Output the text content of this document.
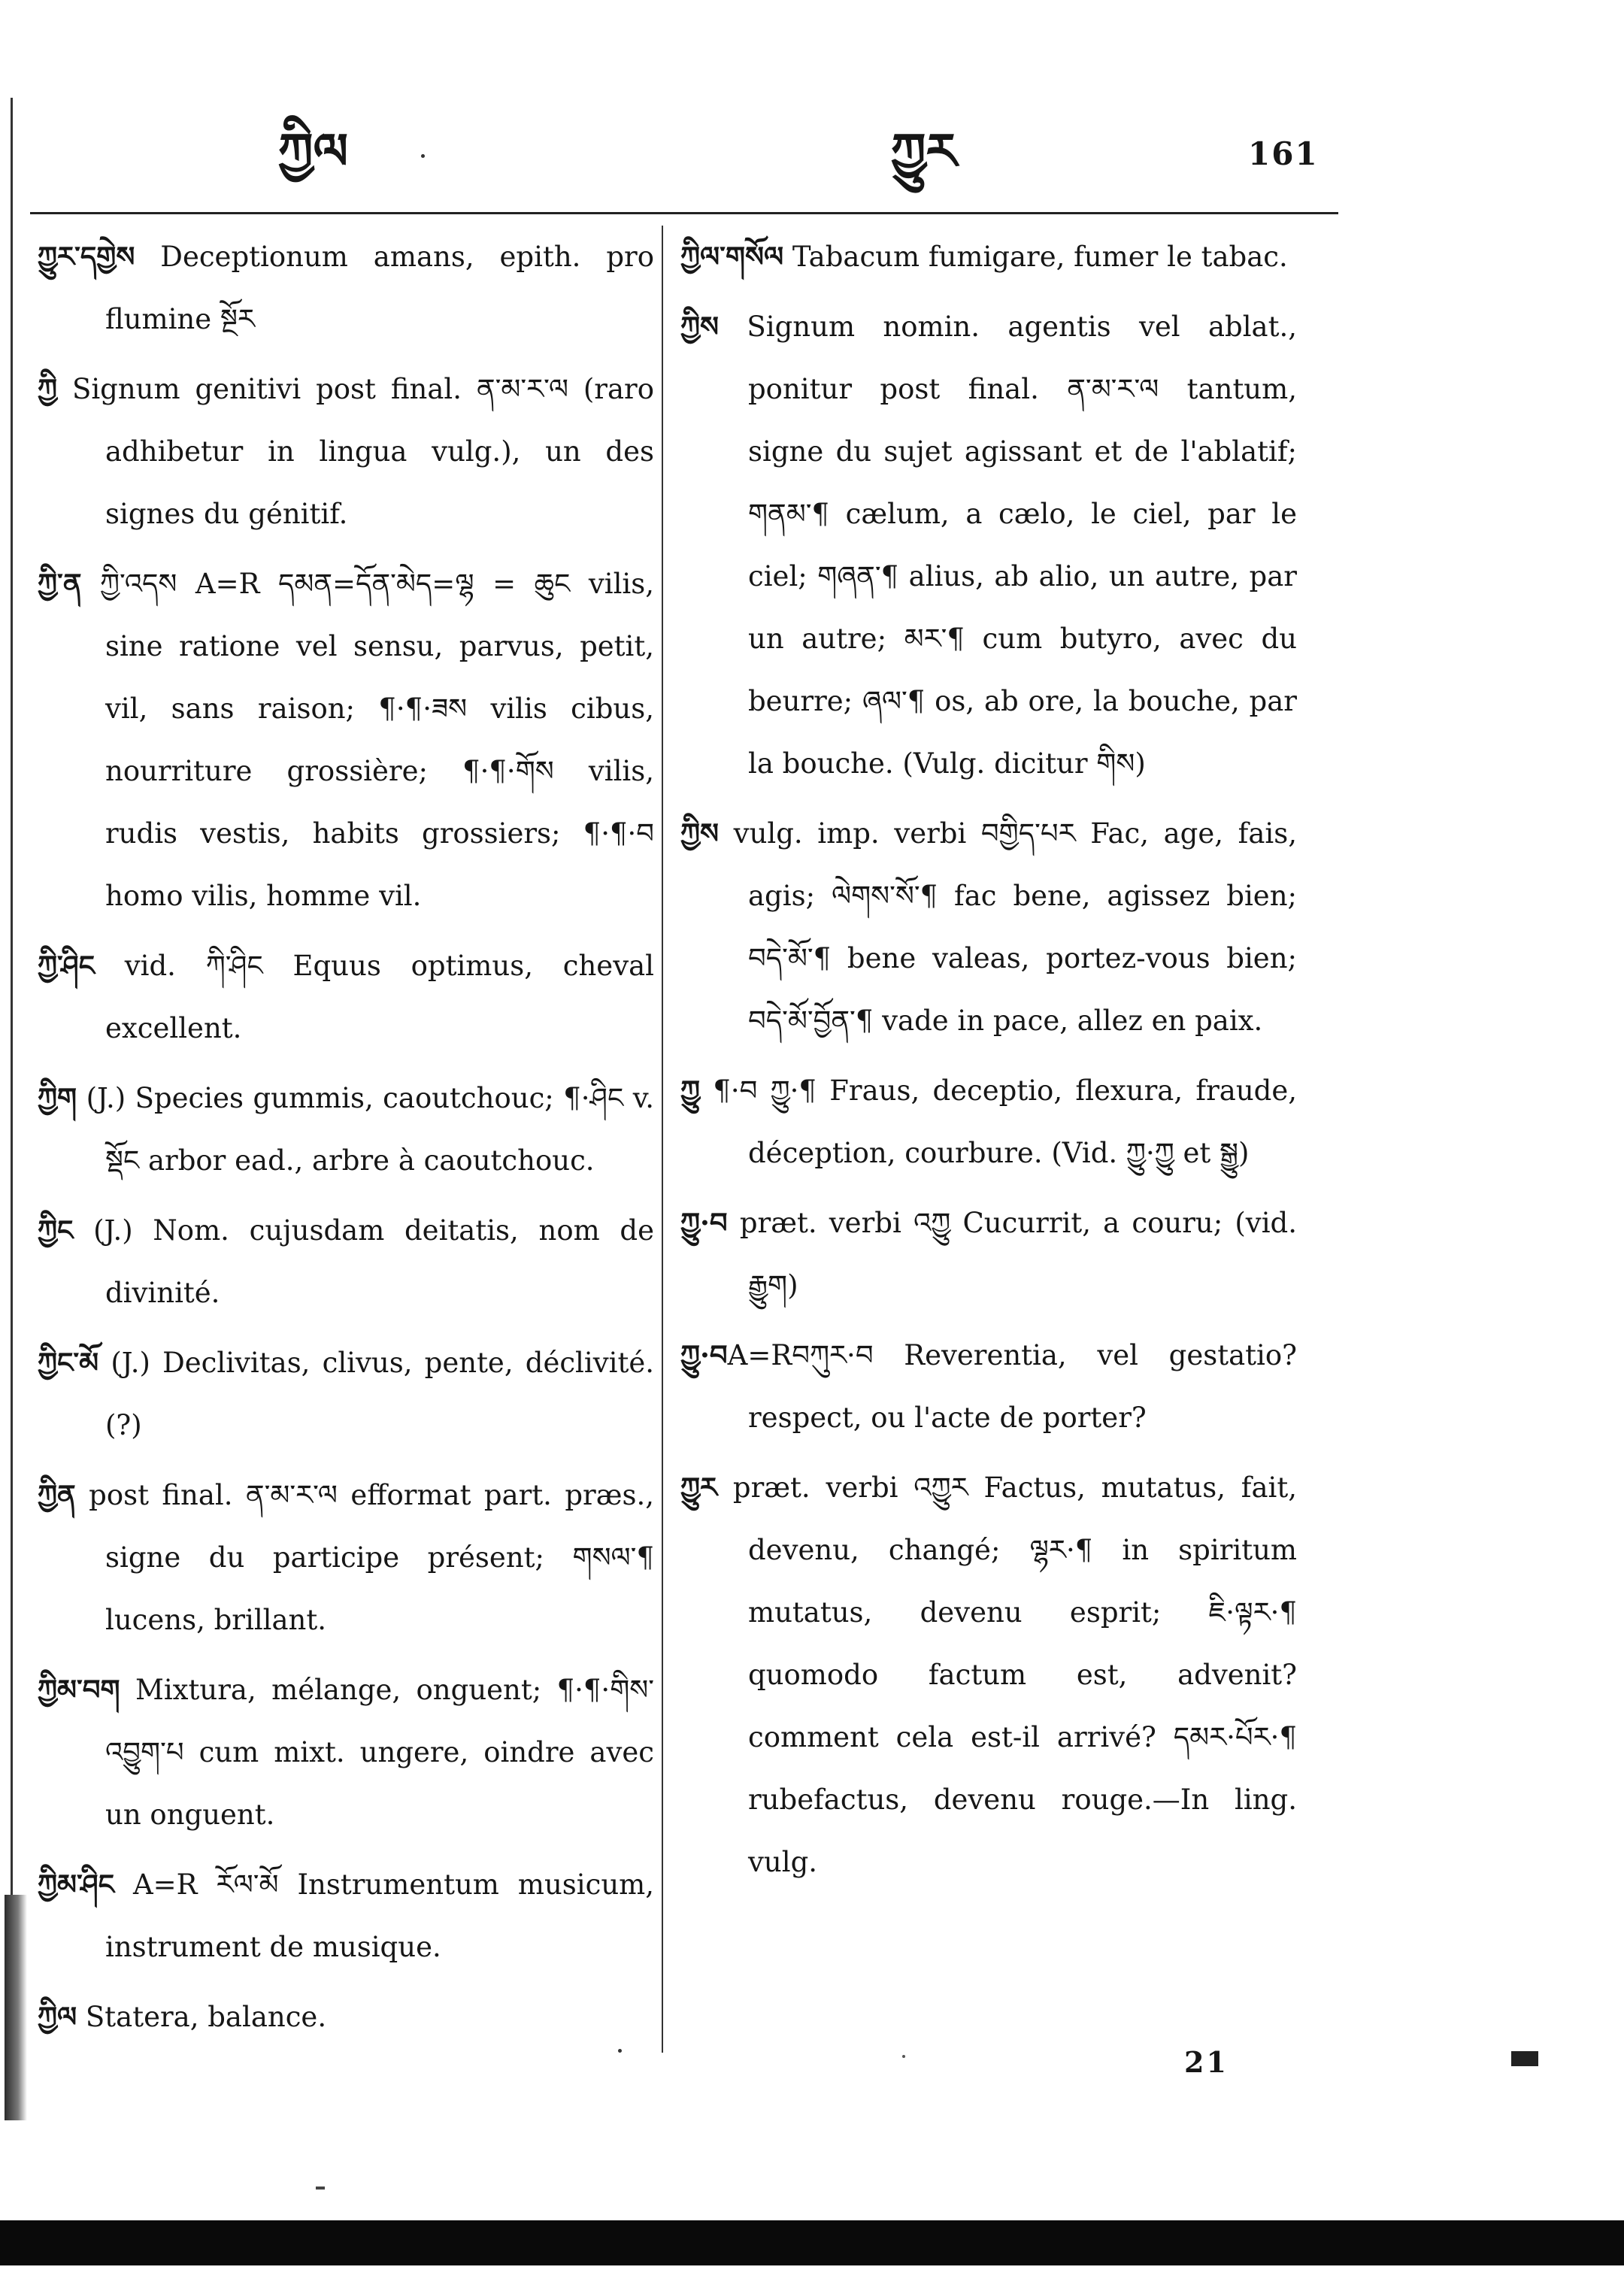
ཀྱིལ	ཀྱུར	161

ཀྱུར་དགྱེས Deceptionum amans, epith. pro flumine སྔོར

ཀྱི Signum genitivi post final. ན་མ་ར་ལ (raro adhibetur in lingua vulg.), un des signes du génitif.

ཀྱི་ན ཀྱི་འདས A=R དམན=དོན་མེད=ལྷ = ཆུང vilis, sine ratione vel sensu, parvus, petit, vil, sans raison; ¶·¶·ཟས vilis cibus, nourriture grossière; ¶·¶·གོས vilis, rudis vestis, habits grossiers; ¶·¶·བ homo vilis, homme vil.

ཀྱི་ཤིང vid. ཀི་ཤིང Equus optimus, cheval excellent.

ཀྱིག (J.) Species gummis, caoutchouc; ¶·ཤིང v. སྡོང arbor ead., arbre à caoutchouc.

ཀྱིང (J.) Nom. cujusdam deitatis, nom de divinité.

ཀྱིང་མོ (J.) Declivitas, clivus, pente, déclivité. (?)

ཀྱིན post final. ན་མ་ར་ལ efformat part. præs., signe du participe présent; གསལ་¶ lucens, brillant.

ཀྱིམ་བག Mixtura, mélange, onguent; ¶·¶·གིས་འབྱུག་པ cum mixt. ungere, oindre avec un onguent.

ཀྱིམ་ཤིང A=R རོལ་མོ Instrumentum musicum, instrument de musique.

ཀྱིལ Statera, balance.

ཀྱིལ་གསོལ Tabacum fumigare, fumer le tabac.

ཀྱིས Signum nomin. agentis vel ablat., ponitur post final. ན་མ་ར་ལ tantum, signe du sujet agissant et de l'ablatif; གནམ་¶ cælum, a cælo, le ciel, par le ciel; གཞན་¶ alius, ab alio, un autre, par un autre; མར་¶ cum butyro, avec du beurre; ཞལ་¶ os, ab ore, la bouche, par la bouche. (Vulg. dicitur གིས)

ཀྱིས vulg. imp. verbi བགྱིད་པར Fac, age, fais, agis; ལེགས་སོ་¶ fac bene, agissez bien; བདེ་མོ་¶ bene valeas, portez-vous bien; བདེ་མོ་བྱོན་¶ vade in pace, allez en paix.

ཀྱུ ¶·བ ཀྱུ·¶ Fraus, deceptio, flexura, fraude, déception, courbure. (Vid. ཀྱུ·ཀྱུ et སྒྱུ)

ཀྱུ·བ præt. verbi འཀྱུ Cucurrit, a couru; (vid. རྒྱུག)

ཀྱུ·བA=Rབཀུར·བ Reverentia, vel gestatio? respect, ou l'acte de porter?

ཀྱུར præt. verbi འཀྱུར Factus, mutatus, fait, devenu, changé; ལྷར·¶ in spiritum mutatus, devenu esprit; ཇི·ལྟར·¶ quomodo factum est, advenit? comment cela est-il arrivé? དམར·པོར·¶ rubefactus, devenu rouge.—In ling. vulg.

21
